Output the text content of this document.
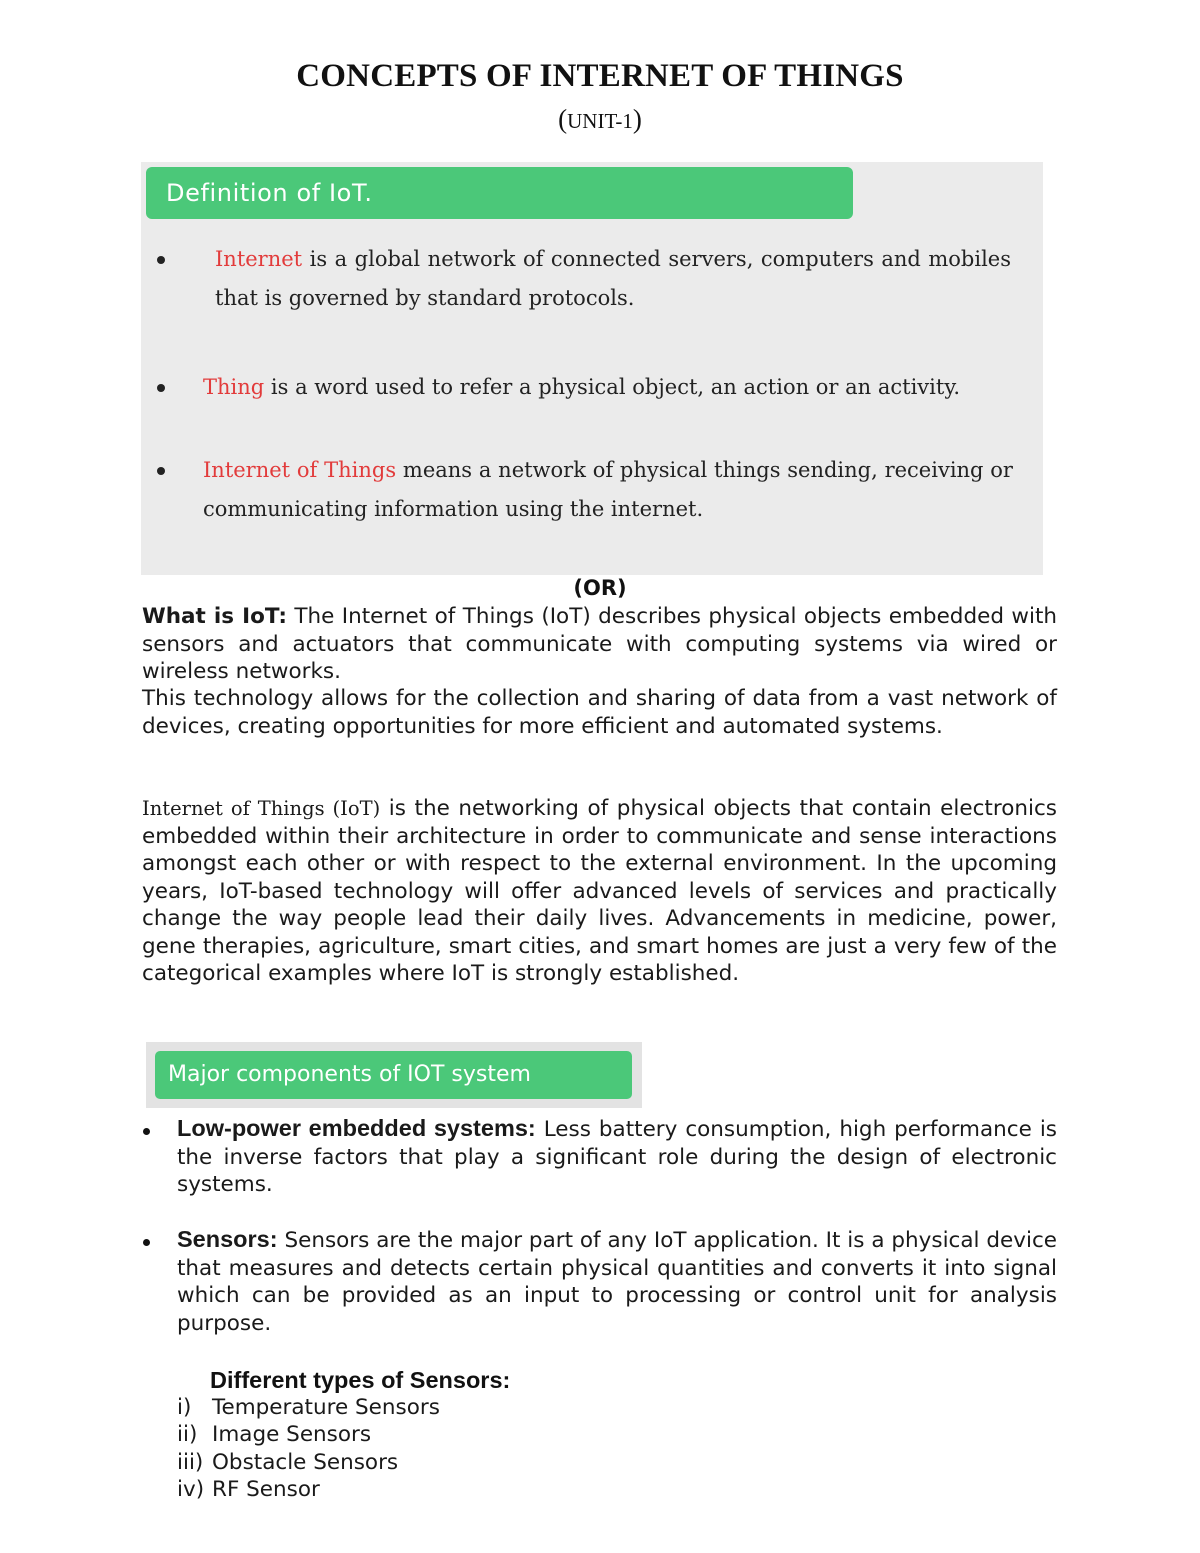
CONCEPTS OF INTERNET OF THINGS
(UNIT-1)
Definition of IoT.
Internet is a global network of connected servers, computers and mobiles that is governed by standard protocols.
Thing is a word used to refer a physical object, an action or an activity.
Internet of Things means a network of physical things sending, receiving or communicating information using the internet.
(OR)
What is IoT: The Internet of Things (IoT) describes physical objects embedded with sensors and actuators that communicate with computing systems via wired or wireless networks.
This technology allows for the collection and sharing of data from a vast network of devices, creating opportunities for more efficient and automated systems.
Internet of Things (IoT) is the networking of physical objects that contain electronics embedded within their architecture in order to communicate and sense interactions amongst each other or with respect to the external environment. In the upcoming years, IoT-based technology will offer advanced levels of services and practically change the way people lead their daily lives. Advancements in medicine, power, gene therapies, agriculture, smart cities, and smart homes are just a very few of the categorical examples where IoT is strongly established.
Major components of IOT system
Low-power embedded systems: Less battery consumption, high performance is the inverse factors that play a significant role during the design of electronic systems.
Sensors: Sensors are the major part of any IoT application. It is a physical device that measures and detects certain physical quantities and converts it into signal which can be provided as an input to processing or control unit for analysis purpose.
Different types of Sensors:
i) Temperature Sensors
ii) Image Sensors
iii) Obstacle Sensors
iv) RF Sensor
